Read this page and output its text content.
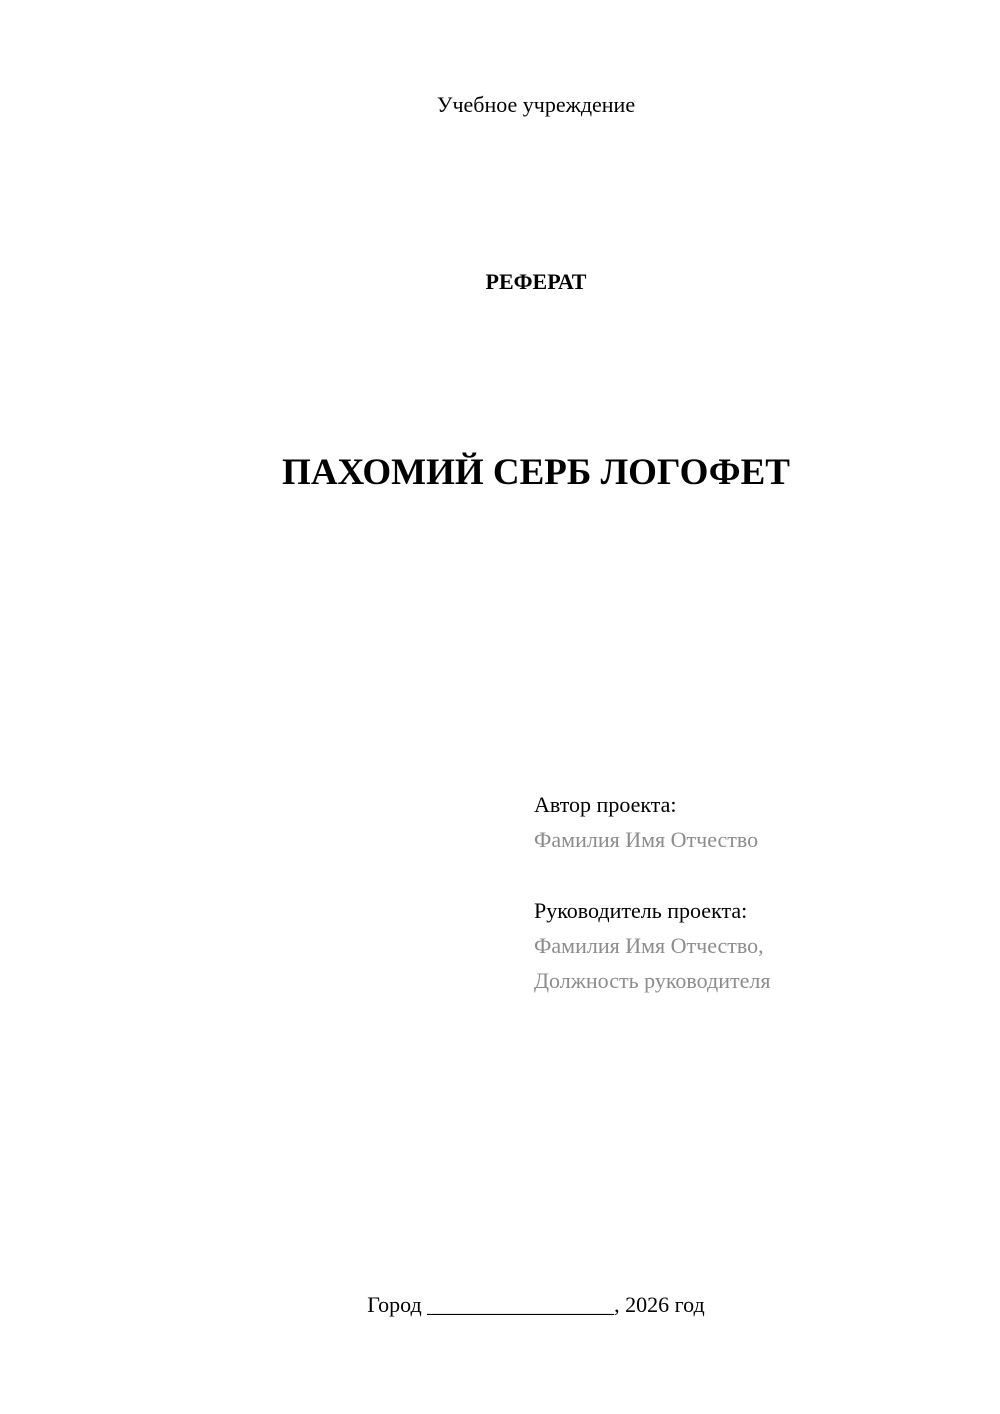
Учебное учреждение
РЕФЕРАТ
ПАХОМИЙ СЕРБ ЛОГОФЕТ
Автор проекта:
Фамилия Имя Отчество
Руководитель проекта:
Фамилия Имя Отчество,
Должность руководителя
Город _________________, 2026 год
